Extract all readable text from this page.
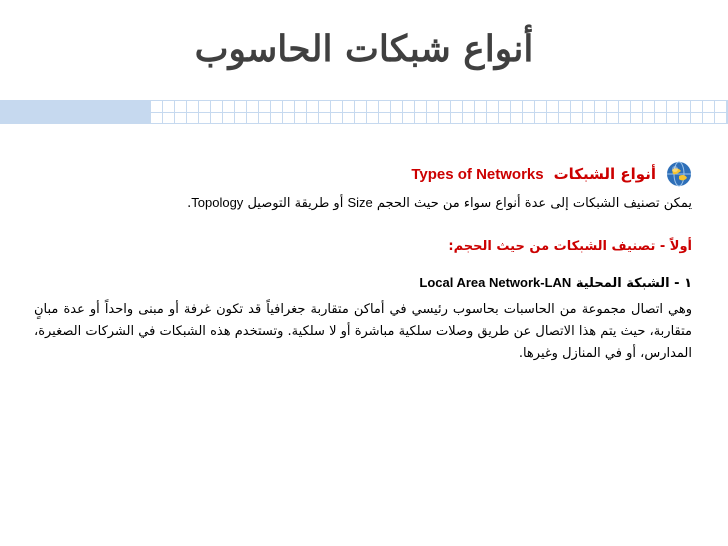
أنواع شبكات الحاسوب
أنواع الشبكات
Types of Networks

يمكن تصنيف الشبكات إلى عدة أنواع سواء من حيث الحجم Size أو طريقة التوصيل Topology.

أولاً - تصنيف الشبكات من حيث الحجم:
١ - الشبكة المحلية Local Area Network-LAN

وهي اتصال مجموعة من الحاسبات بحاسوب رئيسي في أماكن متقاربة جغرافياً قد تكون غرفة أو مبنى واحداً أو عدة مبانٍ متقاربة، حيث يتم هذا الاتصال عن طريق وصلات سلكية مباشرة أو لا سلكية. وتستخدم هذه الشبكات في الشركات الصغيرة، المدارس، أو في المنازل وغيرها.
